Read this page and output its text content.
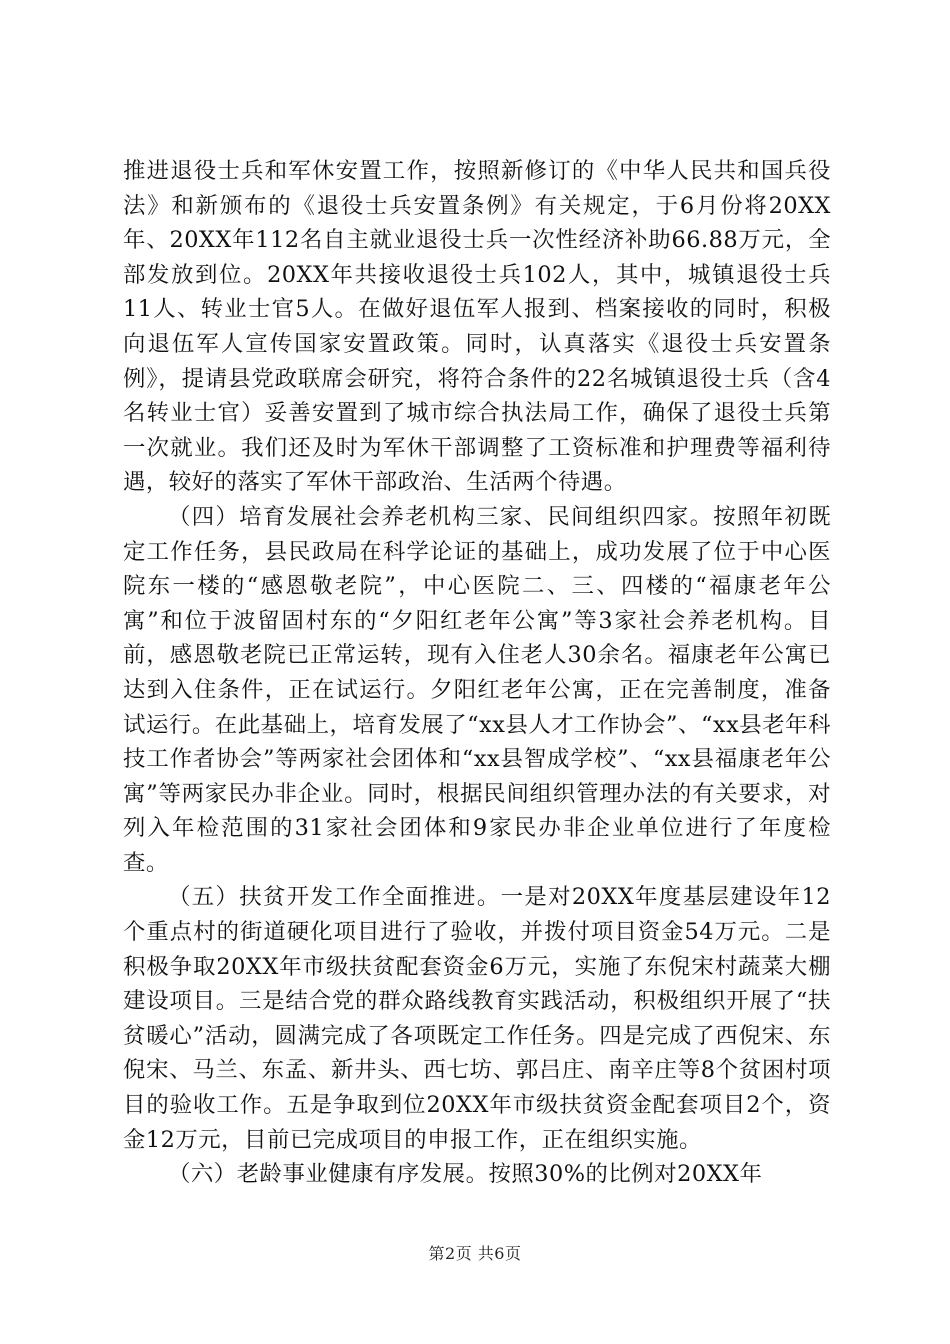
推进退役士兵和军休安置工作，按照新修订的《中华人民共和国兵役法》和新颁布的《退役士兵安置条例》有关规定，于6月份将20XX年、20XX年112名自主就业退役士兵一次性经济补助66.88万元，全部发放到位。20XX年共接收退役士兵102人，其中，城镇退役士兵11人、转业士官5人。在做好退伍军人报到、档案接收的同时，积极向退伍军人宣传国家安置政策。同时，认真落实《退役士兵安置条例》，提请县党政联席会研究，将符合条件的22名城镇退役士兵（含4名转业士官）妥善安置到了城市综合执法局工作，确保了退役士兵第一次就业。我们还及时为军休干部调整了工资标准和护理费等福利待遇，较好的落实了军休干部政治、生活两个待遇。

（四）培育发展社会养老机构三家、民间组织四家。按照年初既定工作任务，县民政局在科学论证的基础上，成功发展了位于中心医院东一楼的“感恩敬老院”，中心医院二、三、四楼的“福康老年公寓”和位于波留固村东的“夕阳红老年公寓”等3家社会养老机构。目前，感恩敬老院已正常运转，现有入住老人30余名。福康老年公寓已达到入住条件，正在试运行。夕阳红老年公寓，正在完善制度，准备试运行。在此基础上，培育发展了“xx县人才工作协会”、“xx县老年科技工作者协会”等两家社会团体和“xx县智成学校”、“xx县福康老年公寓”等两家民办非企业。同时，根据民间组织管理办法的有关要求，对列入年检范围的31家社会团体和9家民办非企业单位进行了年度检查。

（五）扶贫开发工作全面推进。一是对20XX年度基层建设年12个重点村的街道硬化项目进行了验收，并拨付项目资金54万元。二是积极争取20XX年市级扶贫配套资金6万元，实施了东倪宋村蔬菜大棚建设项目。三是结合党的群众路线教育实践活动，积极组织开展了“扶贫暖心”活动，圆满完成了各项既定工作任务。四是完成了西倪宋、东倪宋、马兰、东孟、新井头、西七坊、郭吕庄、南辛庄等8个贫困村项目的验收工作。五是争取到位20XX年市级扶贫资金配套项目2个，资金12万元，目前已完成项目的申报工作，正在组织实施。

（六）老龄事业健康有序发展。按照30%的比例对20XX年

第2页 共6页
